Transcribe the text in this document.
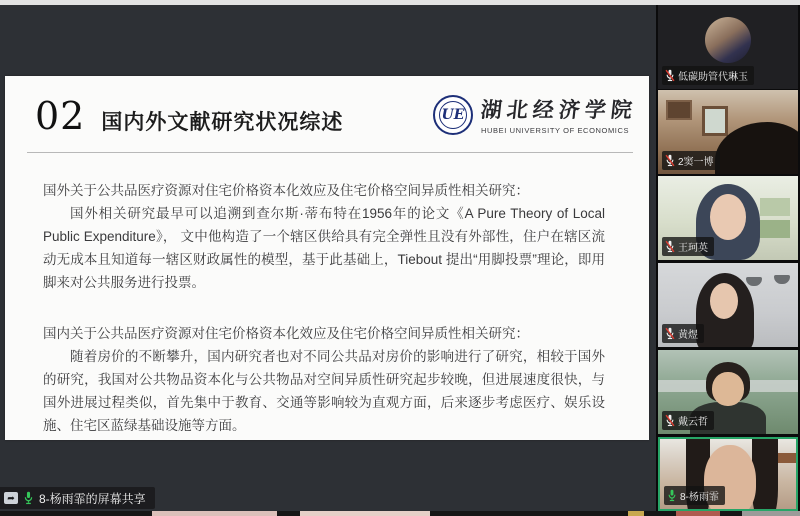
02 国内外文献研究状况综述	UE 湖北经济学院
HUBEI UNIVERSITY OF ECONOMICS

国外关于公共品医疗资源对住宅价格资本化效应及住宅价格空间异质性相关研究：

国外相关研究最早可以追溯到查尔斯·蒂布特在1956年的论文《A Pure Theory of Local Public Expenditure》， 文中他构造了一个辖区供给具有完全弹性且没有外部性，住户在辖区流动无成本且知道每一辖区财政属性的模型，基于此基础上，Tiebout 提出“用脚投票”理论，即用脚来对公共服务进行投票。

国内关于公共品医疗资源对住宅价格资本化效应及住宅价格空间异质性相关研究：

随着房价的不断攀升，国内研究者也对不同公共品对房价的影响进行了研究，相较于国外的研究，我国对公共物品资本化与公共物品对空间异质性研究起步较晚，但进展速度很快，与国外进展过程类似，首先集中于教育、交通等影响较为直观方面，后来逐步考虑医疗、娱乐设施、住宅区蓝绿基础设施等方面。

➦ 8-杨雨霏的屏幕共享
低碳助管代琳玉
2窦一博
王珂英
黄煜
戴云哲
8-杨雨霏
